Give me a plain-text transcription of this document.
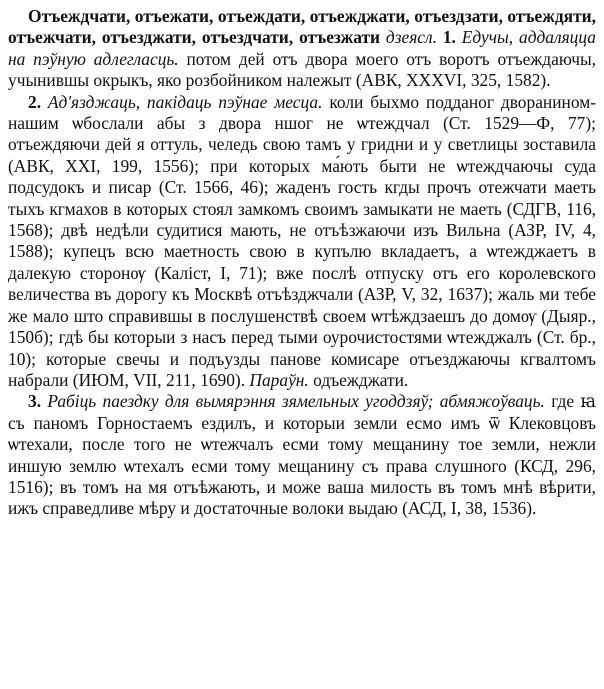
Отъеждчати, отъежати, отъеждати, отъежджати, отъездзати, отъеждяти, отъежчати, отъезджати, отъездчати, отъезжати дзеясл. 1. Едучы, аддаляцца на пэўную адлегласць. потом дей отъ двора моего отъ воротъ отъеждаючы, учынившы окрыкъ, яко розбойником належыт (АВК, XXXVI, 325, 1582).

2. Ад'язджаць, пакідаць пэўнае месца. коли быхмо подданог дворанином нашим ѡбослали абы з двора ншог не ѡтеждчал (Ст. 1529—Ф, 77); отъеждяючи дей я оттуль, челедь свою тамъ у гридни и у светлицы зоставила (АВК, XXI, 199, 1556); при которых ма́ють быти не ѡтеждчаючы суда подсудокъ и писар (Ст. 1566, 46); жаденъ гость кгды прочъ отежчати маеть тыхъ кгмахов в которых стоял замкомъ своимъ замыкати не маеть (СДГВ, 116, 1568); двѣ недѣли судитися мають, не отъѣзжаючи изъ Вильна (АЗР, IV, 4, 1588); купецъ всю маетность свою в купълю вкладаетъ, а ѡтежджаетъ в далекую сторонѹ (Калiст, I, 71); вже послѣ отпуску отъ его королевского величества въ дорогу къ Москвѣ отъѣзджчали (АЗР, V, 32, 1637); жаль ми тебе же мало што справившы в послушенствѣ своем ѡтѣждзаешъ до домѹ (Дыяр., 150б); гдѣ бы которыи з насъ перед тыми оурочистостями ѡтежджалъ (Ст. бр., 10); которые свечы и подъузды панове комисаре отъезджаючы кгвалтомъ набрали (ИЮМ, VII, 211, 1690). Параўн. одъежджати.

3. Рабіць паездку для вымярэння зямельных угоддзяў; абмяжоўваць. где ꙗ съ паномъ Горностаемъ ездилъ, и которыи земли есмо имъ ѿ Клековцовъ ѡтехали, после того не ѡтежчалъ есми тому мещанину тое земли, нежли иншую землю ѡтехалъ есми тому мещанину съ права слушного (КСД, 296, 1516); въ томъ на мя отъѣжають, и може ваша милость въ томъ мнѣ вѣрити, ижъ справедливе мѣру и достаточные волоки выдаю (АСД, I, 38, 1536).
